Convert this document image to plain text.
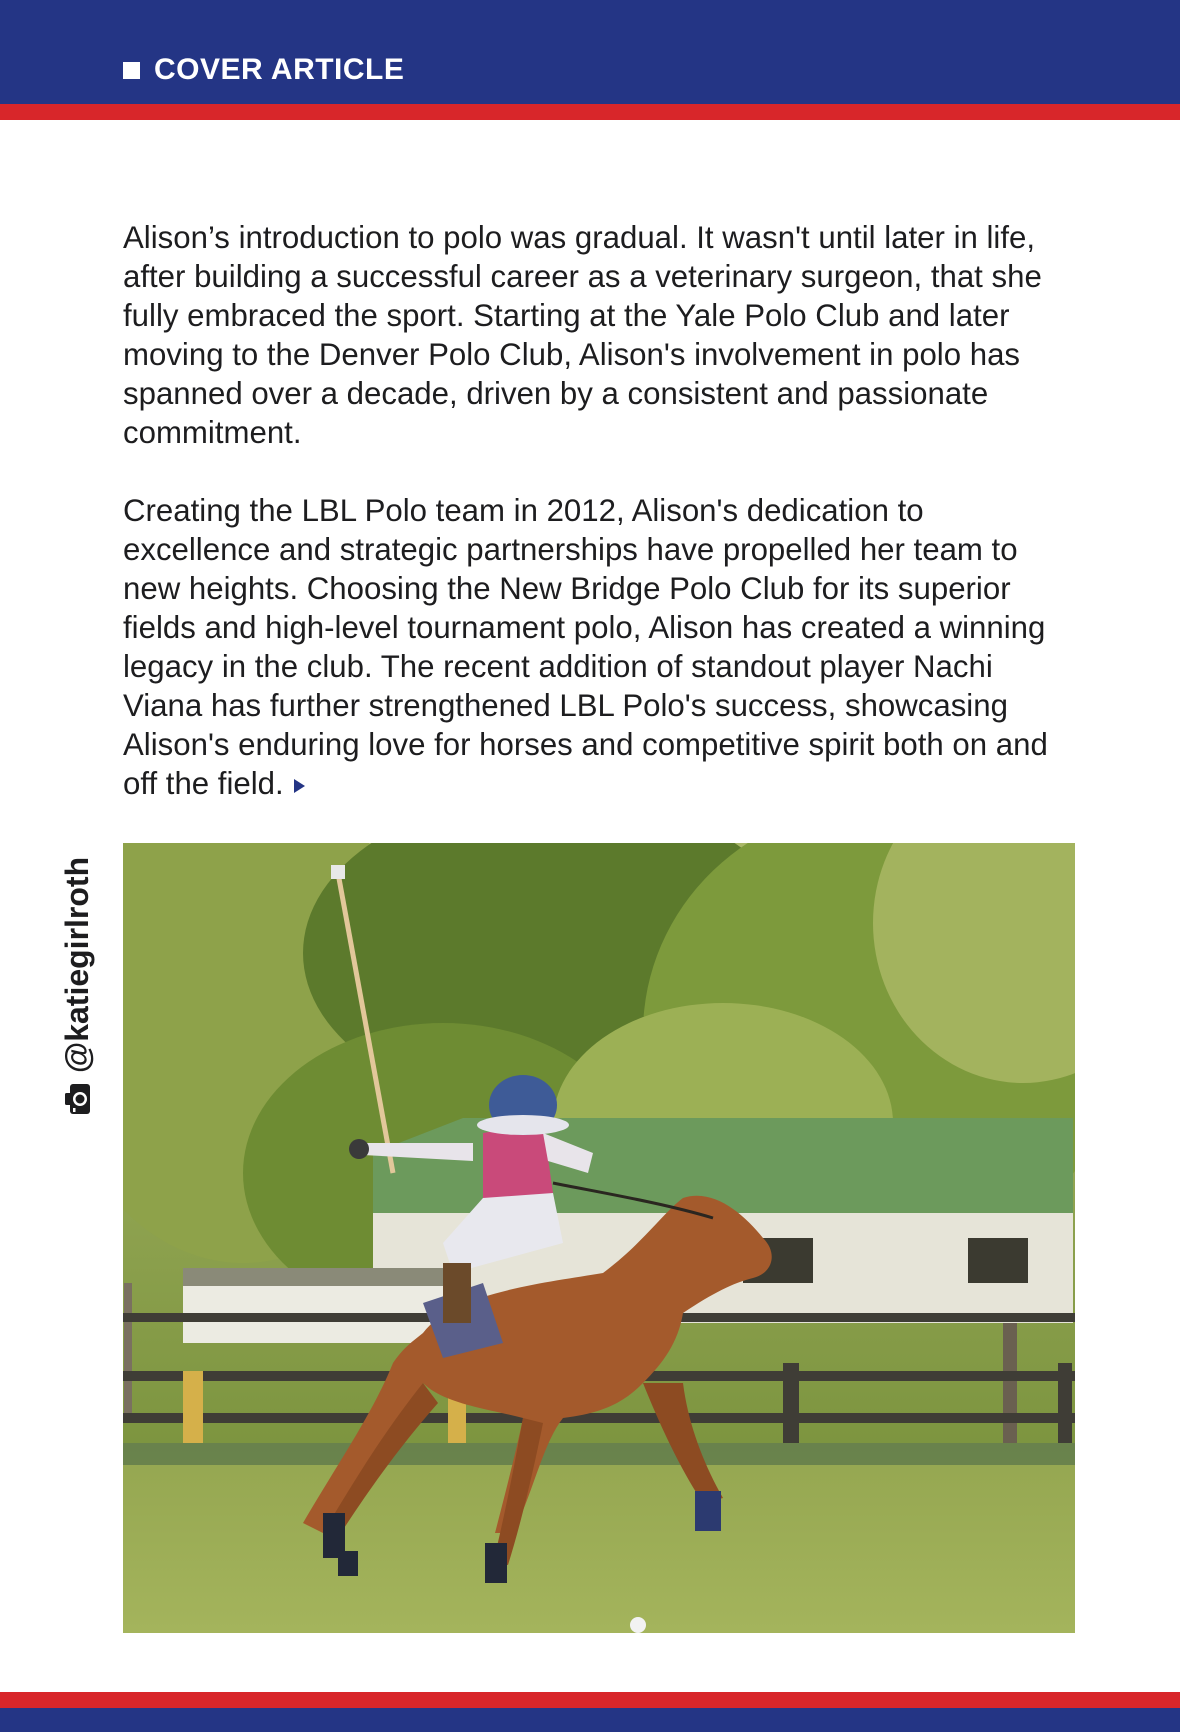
COVER ARTICLE

Alison’s introduction to polo was gradual. It wasn't until later in life, after building a successful career as a veterinary surgeon, that she fully embraced the sport. Starting at the Yale Polo Club and later moving to the Denver Polo Club, Alison's involvement in polo has spanned over a decade, driven by a consistent and passionate commitment.

Creating the LBL Polo team in 2012, Alison's dedication to excellence and strategic partnerships have propelled her team to new heights. Choosing the New Bridge Polo Club for its superior fields and high-level tournament polo, Alison has created a winning legacy in the club. The recent addition of standout player Nachi Viana has further strengthened LBL Polo's success, showcasing Alison's enduring love for horses and competitive spirit both on and off the field.

@katiegirlroth
